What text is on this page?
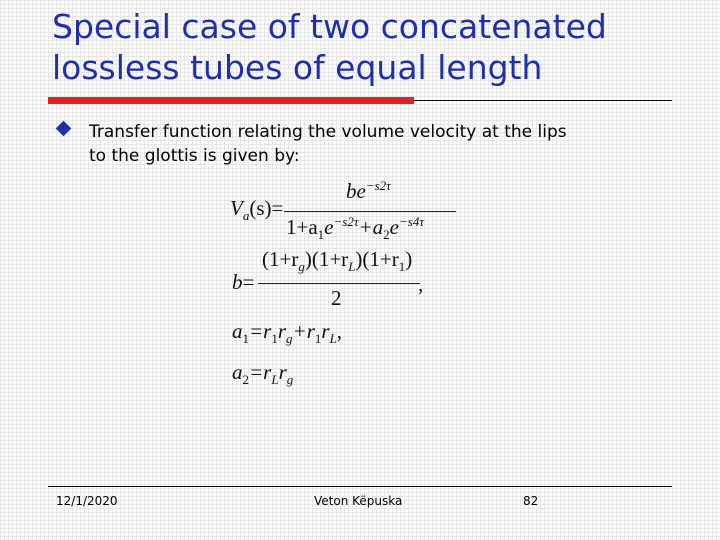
Special case of two concatenated
lossless tubes of equal length
Transfer function relating the volume velocity at the lips
to the glottis is given by:
$V_a(s)=$
$be^{-s2\tau}$
$1+a_1e^{-s2\tau}+a_2e^{-s4\tau}$
b=
$(1+r_g)(1+r_L)(1+r_1)$
2
,
$a_1=r_1r_g+r_1r_L$,
$a_2=r_Lr_g$
12/1/2020	Veton Këpuska	82
